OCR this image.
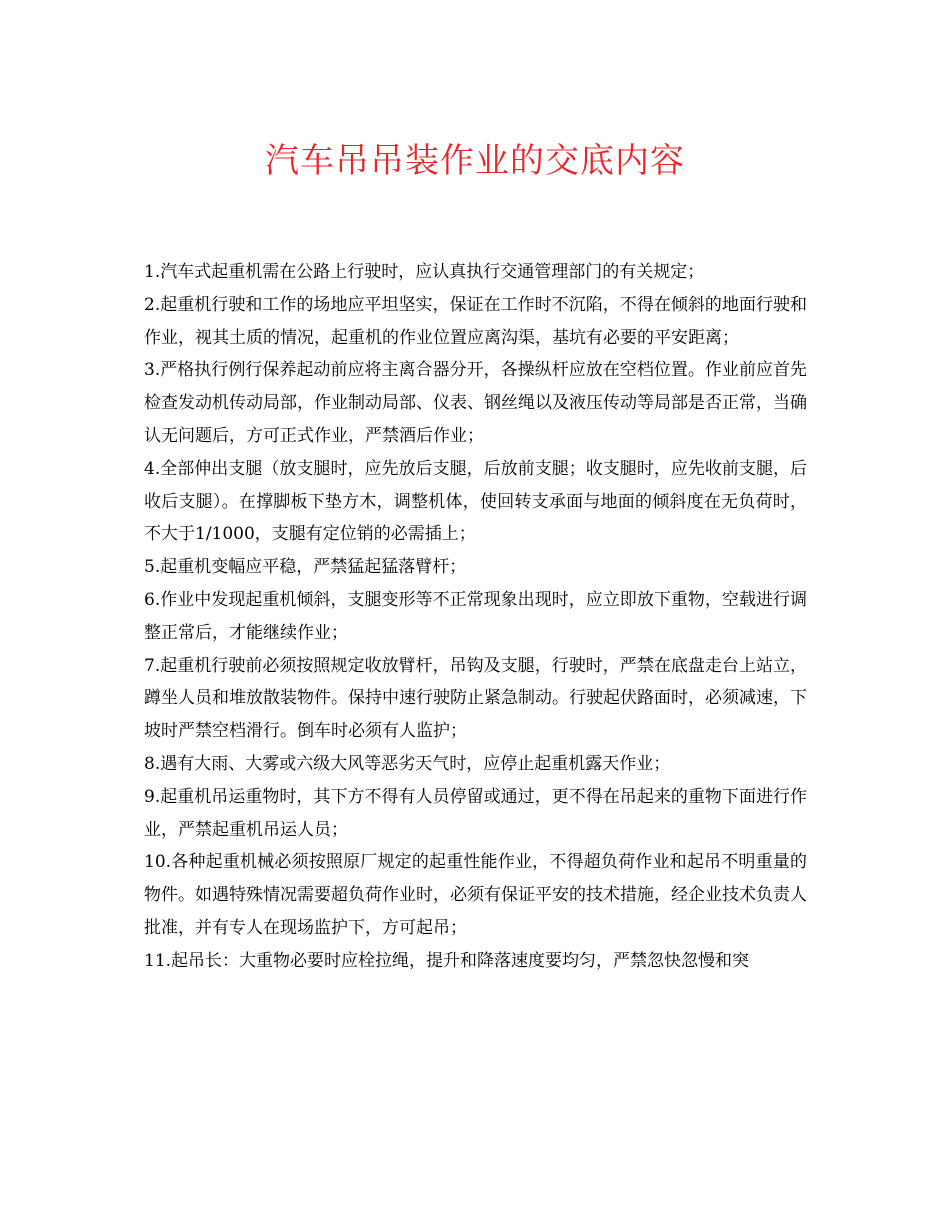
汽车吊吊装作业的交底内容

1.汽车式起重机需在公路上行驶时，应认真执行交通管理部门的有关规定；

2.起重机行驶和工作的场地应平坦坚实，保证在工作时不沉陷，不得在倾斜的地面行驶和作业，视其土质的情况，起重机的作业位置应离沟渠，基坑有必要的平安距离；

3.严格执行例行保养起动前应将主离合器分开，各操纵杆应放在空档位置。作业前应首先检查发动机传动局部，作业制动局部、仪表、钢丝绳以及液压传动等局部是否正常，当确认无问题后，方可正式作业，严禁酒后作业；

4.全部伸出支腿（放支腿时，应先放后支腿，后放前支腿；收支腿时，应先收前支腿，后收后支腿）。在撑脚板下垫方木，调整机体，使回转支承面与地面的倾斜度在无负荷时，不大于1/1000，支腿有定位销的必需插上；

5.起重机变幅应平稳，严禁猛起猛落臂杆；

6.作业中发现起重机倾斜，支腿变形等不正常现象出现时，应立即放下重物，空载进行调整正常后，才能继续作业；

7.起重机行驶前必须按照规定收放臂杆，吊钩及支腿，行驶时，严禁在底盘走台上站立，蹲坐人员和堆放散装物件。保持中速行驶防止紧急制动。行驶起伏路面时，必须减速，下坡时严禁空档滑行。倒车时必须有人监护；

8.遇有大雨、大雾或六级大风等恶劣天气时，应停止起重机露天作业；

9.起重机吊运重物时，其下方不得有人员停留或通过，更不得在吊起来的重物下面进行作业，严禁起重机吊运人员；

10.各种起重机械必须按照原厂规定的起重性能作业，不得超负荷作业和起吊不明重量的物件。如遇特殊情况需要超负荷作业时，必须有保证平安的技术措施，经企业技术负责人批准，并有专人在现场监护下，方可起吊；

11.起吊长：大重物必要时应栓拉绳，提升和降落速度要均匀，严禁忽快忽慢和突
